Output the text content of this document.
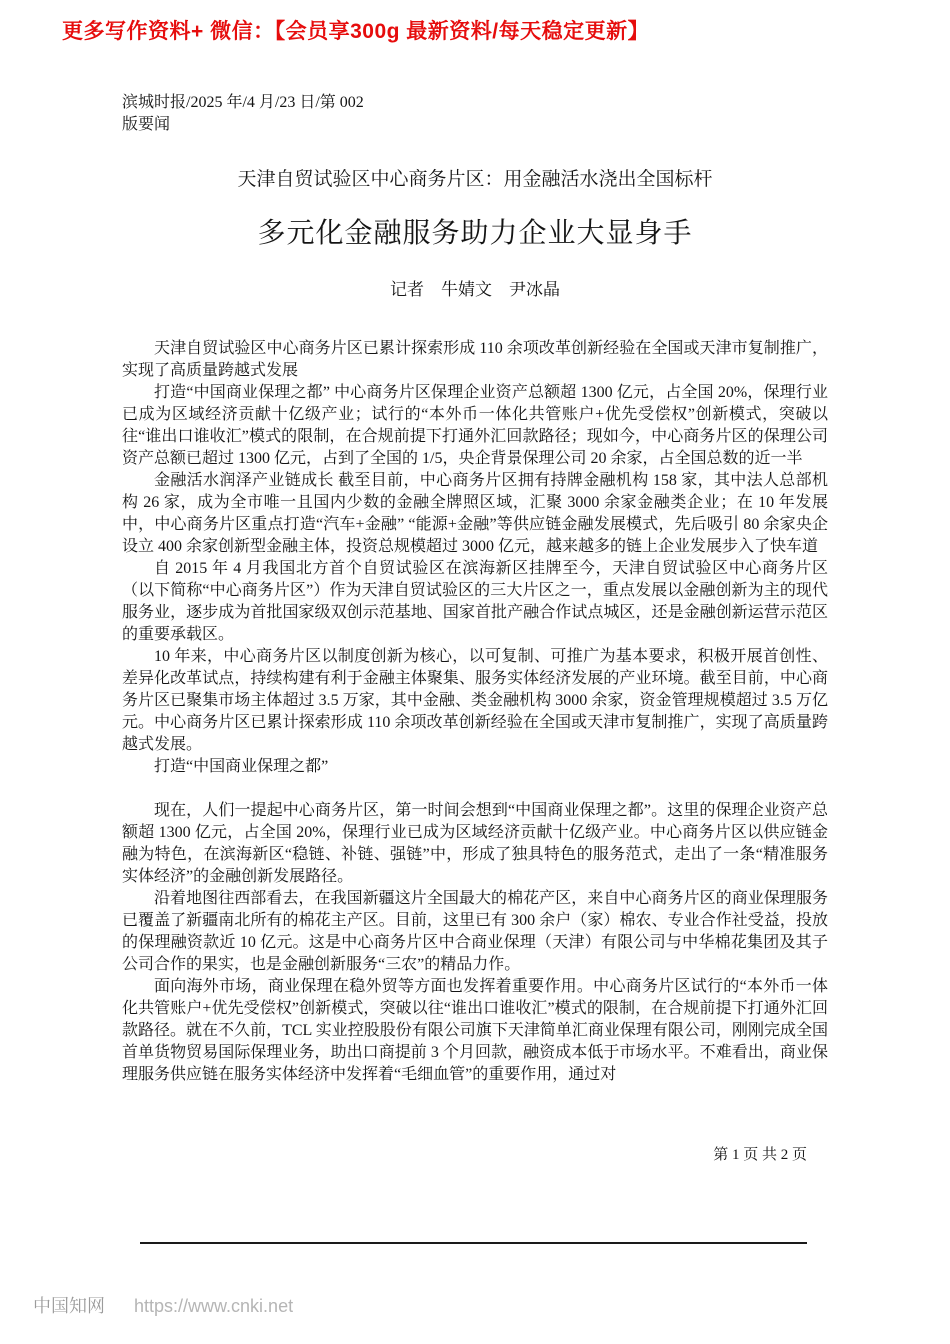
更多写作资料+ 微信：【会员享300g 最新资料/每天稳定更新】
滨城时报/2025 年/4 月/23 日/第 002
版要闻
天津自贸试验区中心商务片区：用金融活水浇出全国标杆
多元化金融服务助力企业大显身手
记者　牛婧文　尹冰晶

天津自贸试验区中心商务片区已累计探索形成 110 余项改革创新经验在全国或天津市复制推广，实现了高质量跨越式发展

打造“中国商业保理之都” 中心商务片区保理企业资产总额超 1300 亿元，占全国 20%，保理行业已成为区域经济贡献十亿级产业；试行的“本外币一体化共管账户+优先受偿权”创新模式，突破以往“谁出口谁收汇”模式的限制，在合规前提下打通外汇回款路径；现如今，中心商务片区的保理公司资产总额已超过 1300 亿元，占到了全国的 1/5，央企背景保理公司 20 余家，占全国总数的近一半

金融活水润泽产业链成长 截至目前，中心商务片区拥有持牌金融机构 158 家，其中法人总部机构 26 家，成为全市唯一且国内少数的金融全牌照区域，汇聚 3000 余家金融类企业；在 10 年发展中，中心商务片区重点打造“汽车+金融” “能源+金融”等供应链金融发展模式，先后吸引 80 余家央企设立 400 余家创新型金融主体，投资总规模超过 3000 亿元，越来越多的链上企业发展步入了快车道

自 2015 年 4 月我国北方首个自贸试验区在滨海新区挂牌至今，天津自贸试验区中心商务片区（以下简称“中心商务片区”）作为天津自贸试验区的三大片区之一，重点发展以金融创新为主的现代服务业，逐步成为首批国家级双创示范基地、国家首批产融合作试点城区，还是金融创新运营示范区的重要承载区。

10 年来，中心商务片区以制度创新为核心，以可复制、可推广为基本要求，积极开展首创性、差异化改革试点，持续构建有利于金融主体聚集、服务实体经济发展的产业环境。截至目前，中心商务片区已聚集市场主体超过 3.5 万家，其中金融、类金融机构 3000 余家，资金管理规模超过 3.5 万亿元。中心商务片区已累计探索形成 110 余项改革创新经验在全国或天津市复制推广，实现了高质量跨越式发展。

打造“中国商业保理之都”

现在，人们一提起中心商务片区，第一时间会想到“中国商业保理之都”。这里的保理企业资产总额超 1300 亿元，占全国 20%，保理行业已成为区域经济贡献十亿级产业。中心商务片区以供应链金融为特色，在滨海新区“稳链、补链、强链”中，形成了独具特色的服务范式，走出了一条“精准服务实体经济”的金融创新发展路径。

沿着地图往西部看去，在我国新疆这片全国最大的棉花产区，来自中心商务片区的商业保理服务已覆盖了新疆南北所有的棉花主产区。目前，这里已有 300 余户（家）棉农、专业合作社受益，投放的保理融资款近 10 亿元。这是中心商务片区中合商业保理（天津）有限公司与中华棉花集团及其子公司合作的果实，也是金融创新服务“三农”的精品力作。

面向海外市场，商业保理在稳外贸等方面也发挥着重要作用。中心商务片区试行的“本外币一体化共管账户+优先受偿权”创新模式，突破以往“谁出口谁收汇”模式的限制，在合规前提下打通外汇回款路径。就在不久前，TCL 实业控股股份有限公司旗下天津简单汇商业保理有限公司，刚刚完成全国首单货物贸易国际保理业务，助出口商提前 3 个月回款，融资成本低于市场水平。不难看出，商业保理服务供应链在服务实体经济中发挥着“毛细血管”的重要作用，通过对

第 1 页 共 2 页
中国知网 https://www.cnki.net
